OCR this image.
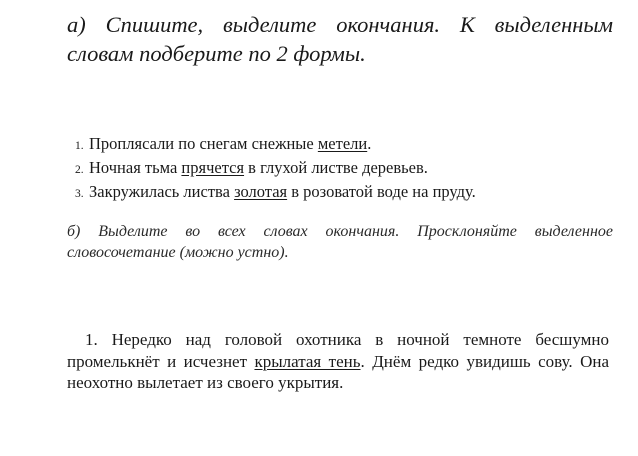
а) Спишите, выделите окончания. К выделенным словам подберите по 2 формы.
1. Проплясали по снегам снежные метели.
2. Ночная тьма прячется в глухой листве деревьев.
3. Закружилась листва золотая в розоватой воде на пруду.
б) Выделите во всех словах окончания. Просклоняйте выделенное словосочетание (можно устно).
1. Нередко над головой охотника в ночной темноте бесшумно промелькнёт и исчезнет крылатая тень. Днём редко увидишь сову. Она неохотно вылетает из своего укрытия.
